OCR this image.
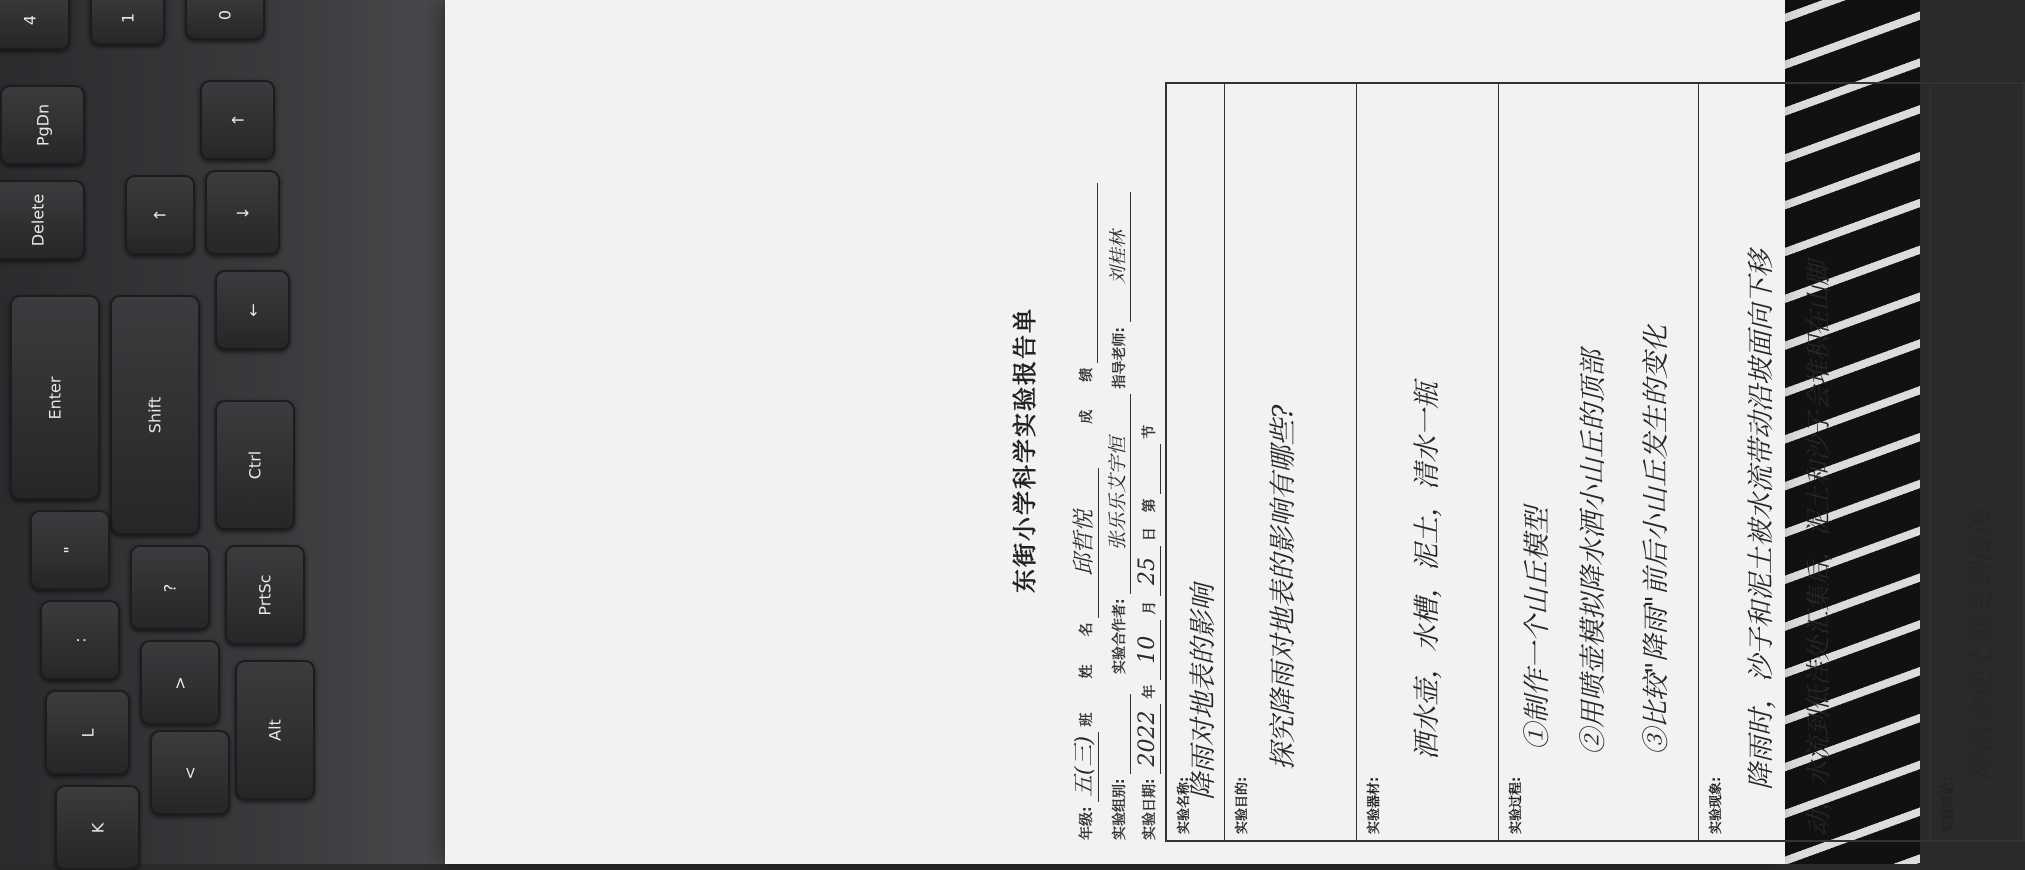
4	1	0
PgDn
Delete
↑
↑	↓
Enter	Shift
←
Ctrl
"
?	PrtSc
:
>
L	Alt
<
K
东街小学科学实验报告单
年级: 五(三) 班       姓　　名 邱哲悦         成　　绩
实验组别:      实验合作者: 张乐乐艾宇恒 指导老师: 刘桂林
实验日期: 2022 年 10 月 25 日   第   节
实验名称:
降雨对地表的影响
实验目的:
探究降雨对地表的影响有哪些?
实验器材:
洒水壶，水槽，泥土，清水一瓶
实验过程:
①制作一个山丘模型 ②用喷壶模拟降水洒小山丘的顶部 ③比较"降雨"前后小山丘发生的变化
实验现象:
降雨时，沙子和泥土被水流带动沿坡面向下移 动，水流到低洼处汇集后，泥土和沙子会堆积在山脚	实验结论:
降雨会使土地受到侵蚀。
